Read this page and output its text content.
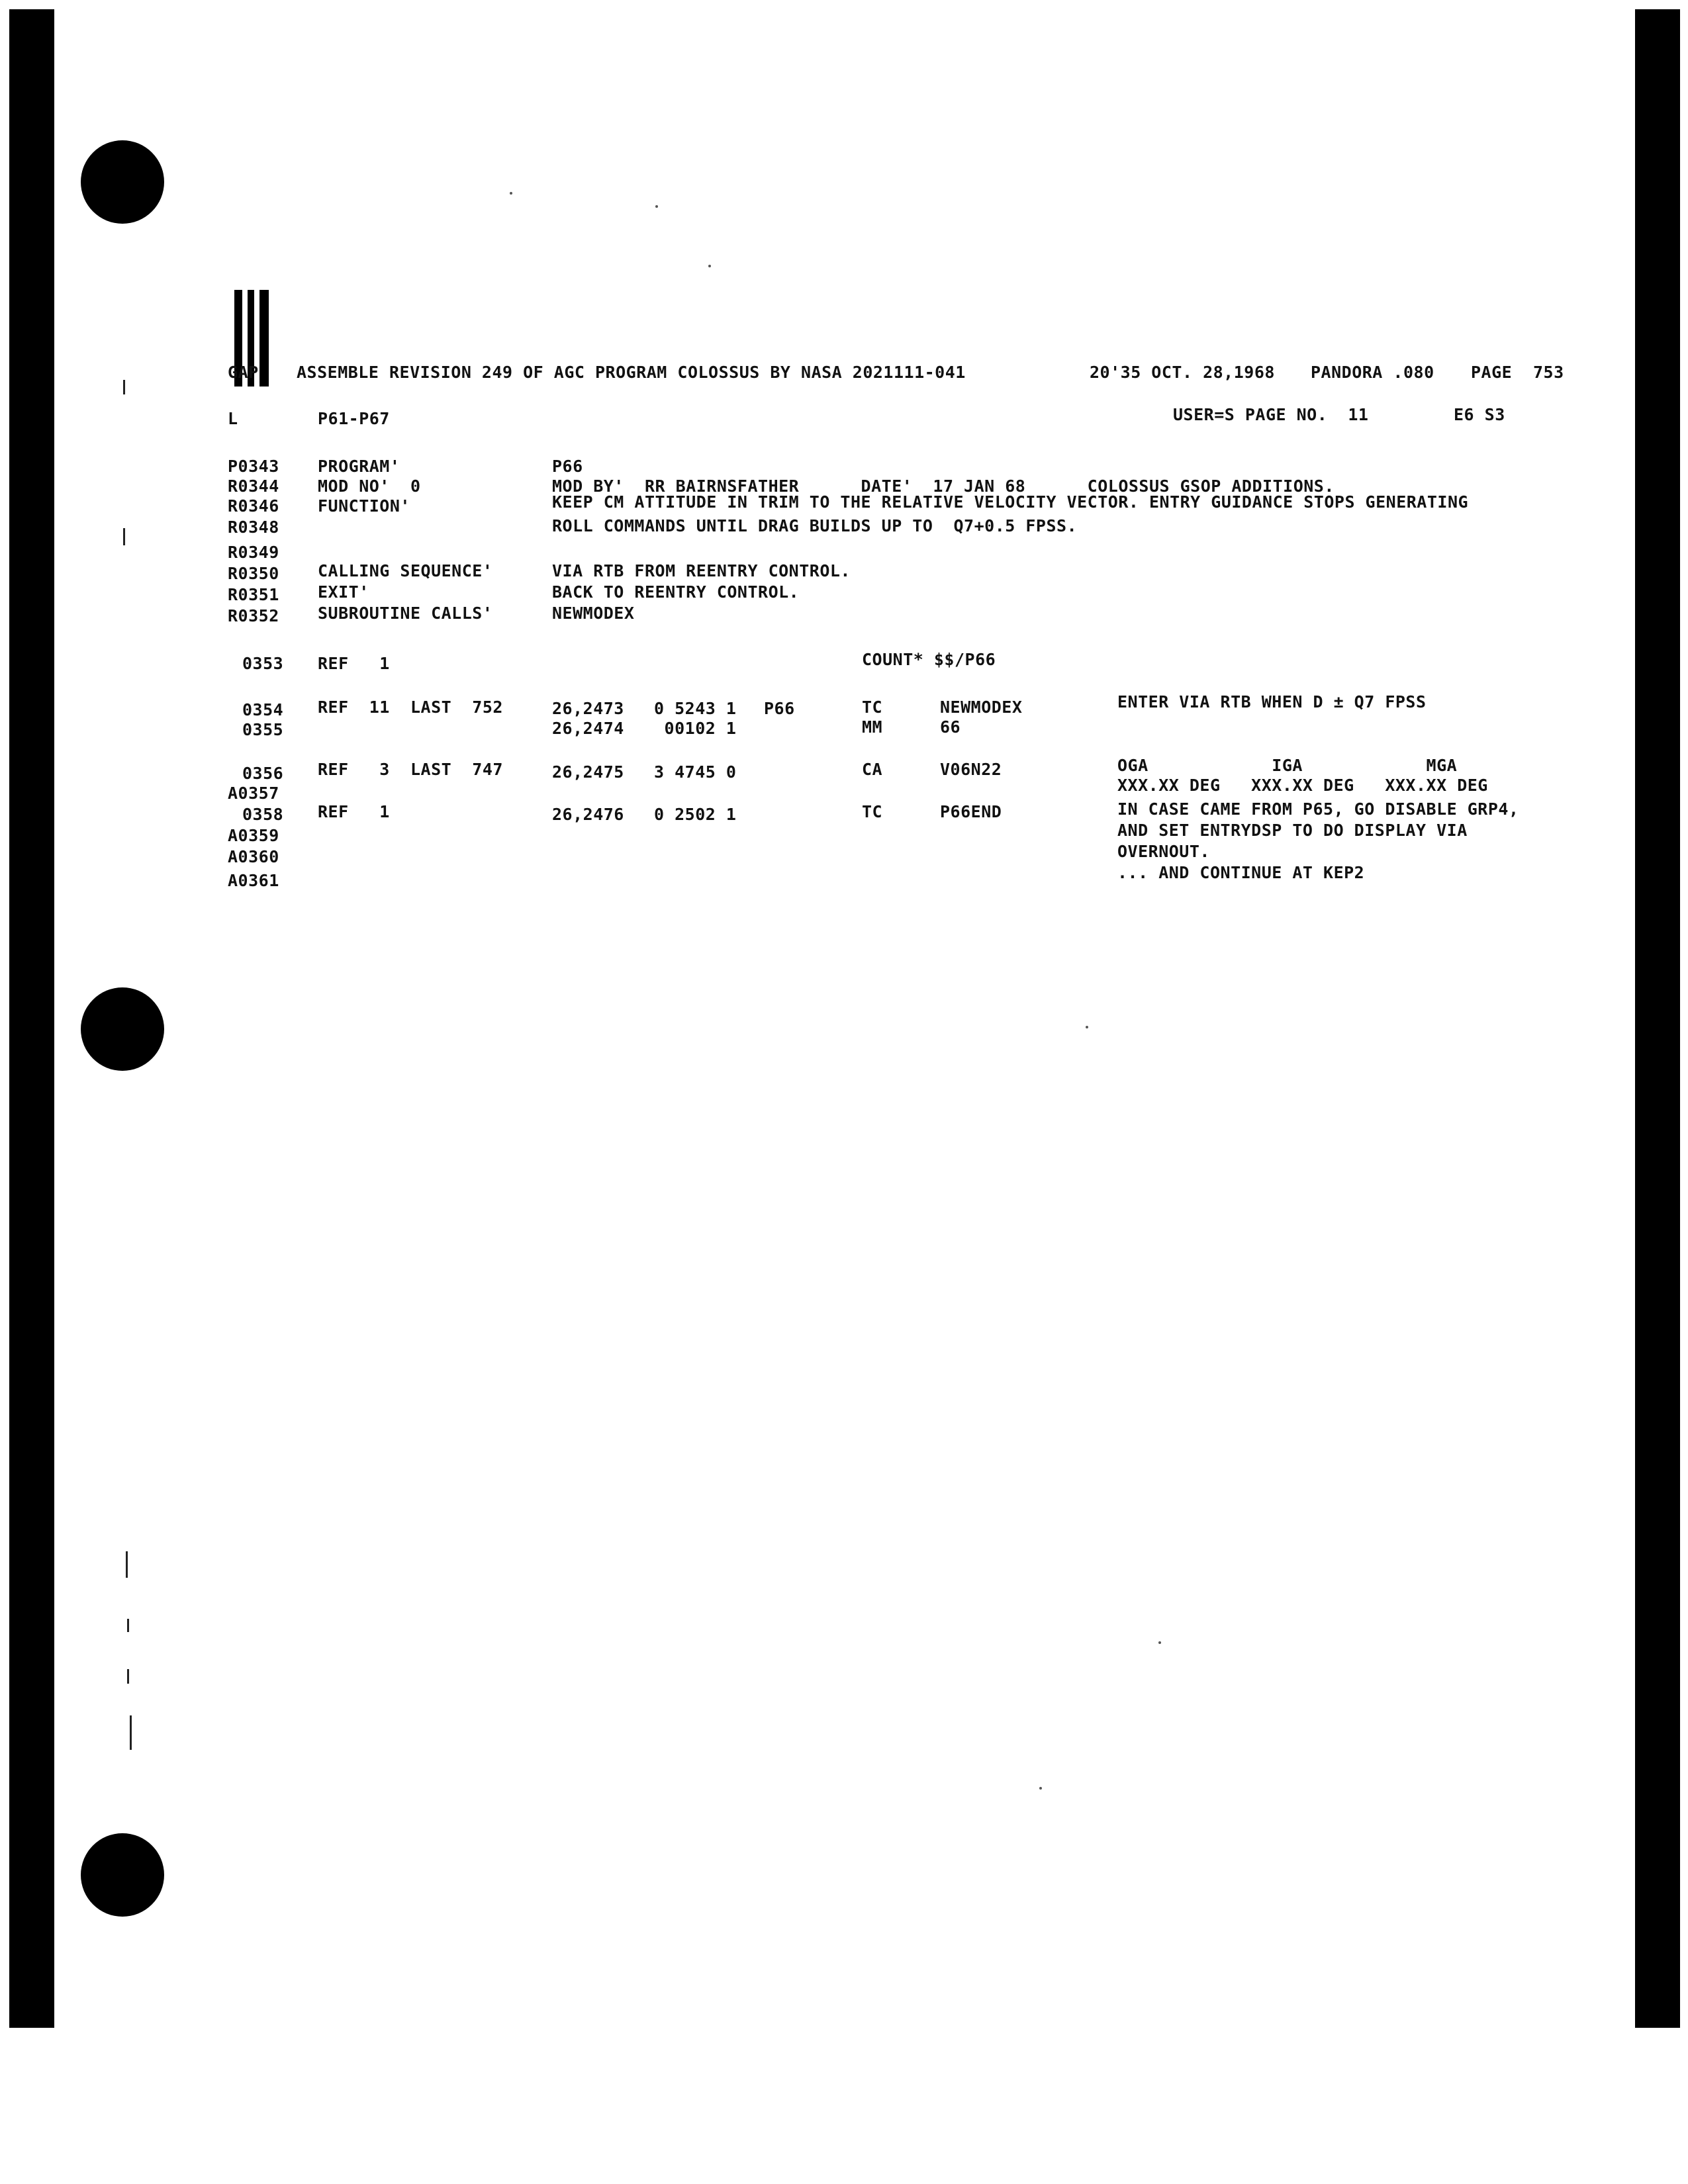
GAP ASSEMBLE REVISION 249 OF AGC PROGRAM COLOSSUS BY NASA 2021111-041	20'35 OCT. 28,1968 PANDORA .080 PAGE 753
L	P61-P67	USER=S PAGE NO.  11	E6 S3
P0343 PROGRAM'	P66
R0344 MOD NO'  0	MOD BY'  RR BAIRNSFATHER      DATE'  17 JAN 68      COLOSSUS GSOP ADDITIONS.
R0346 FUNCTION'	KEEP CM ATTITUDE IN TRIM TO THE RELATIVE VELOCITY VECTOR. ENTRY GUIDANCE STOPS GENERATING
R0348	ROLL COMMANDS UNTIL DRAG BUILDS UP TO  Q7+0.5 FPSS.
R0349
R0350 CALLING SEQUENCE'	VIA RTB FROM REENTRY CONTROL.
R0351 EXIT'	BACK TO REENTRY CONTROL.
R0352 SUBROUTINE CALLS'	NEWMODEX
0353 REF   1	COUNT* $$/P66
0354 REF  11  LAST  752	26,2473 0 5243 1 P66	TC	NEWMODEX	ENTER VIA RTB WHEN D ± Q7 FPSS
0355	26,2474 00102 1	MM	66
0356 REF   3  LAST  747	26,2475 3 4745 0	CA	V06N22	OGA            IGA            MGA
A0357	XXX.XX DEG   XXX.XX DEG   XXX.XX DEG
0358 REF   1	26,2476 0 2502 1	TC	P66END	IN CASE CAME FROM P65, GO DISABLE GRP4,
A0359	AND SET ENTRYDSP TO DO DISPLAY VIA
A0360	OVERNOUT.
A0361	... AND CONTINUE AT KEP2
